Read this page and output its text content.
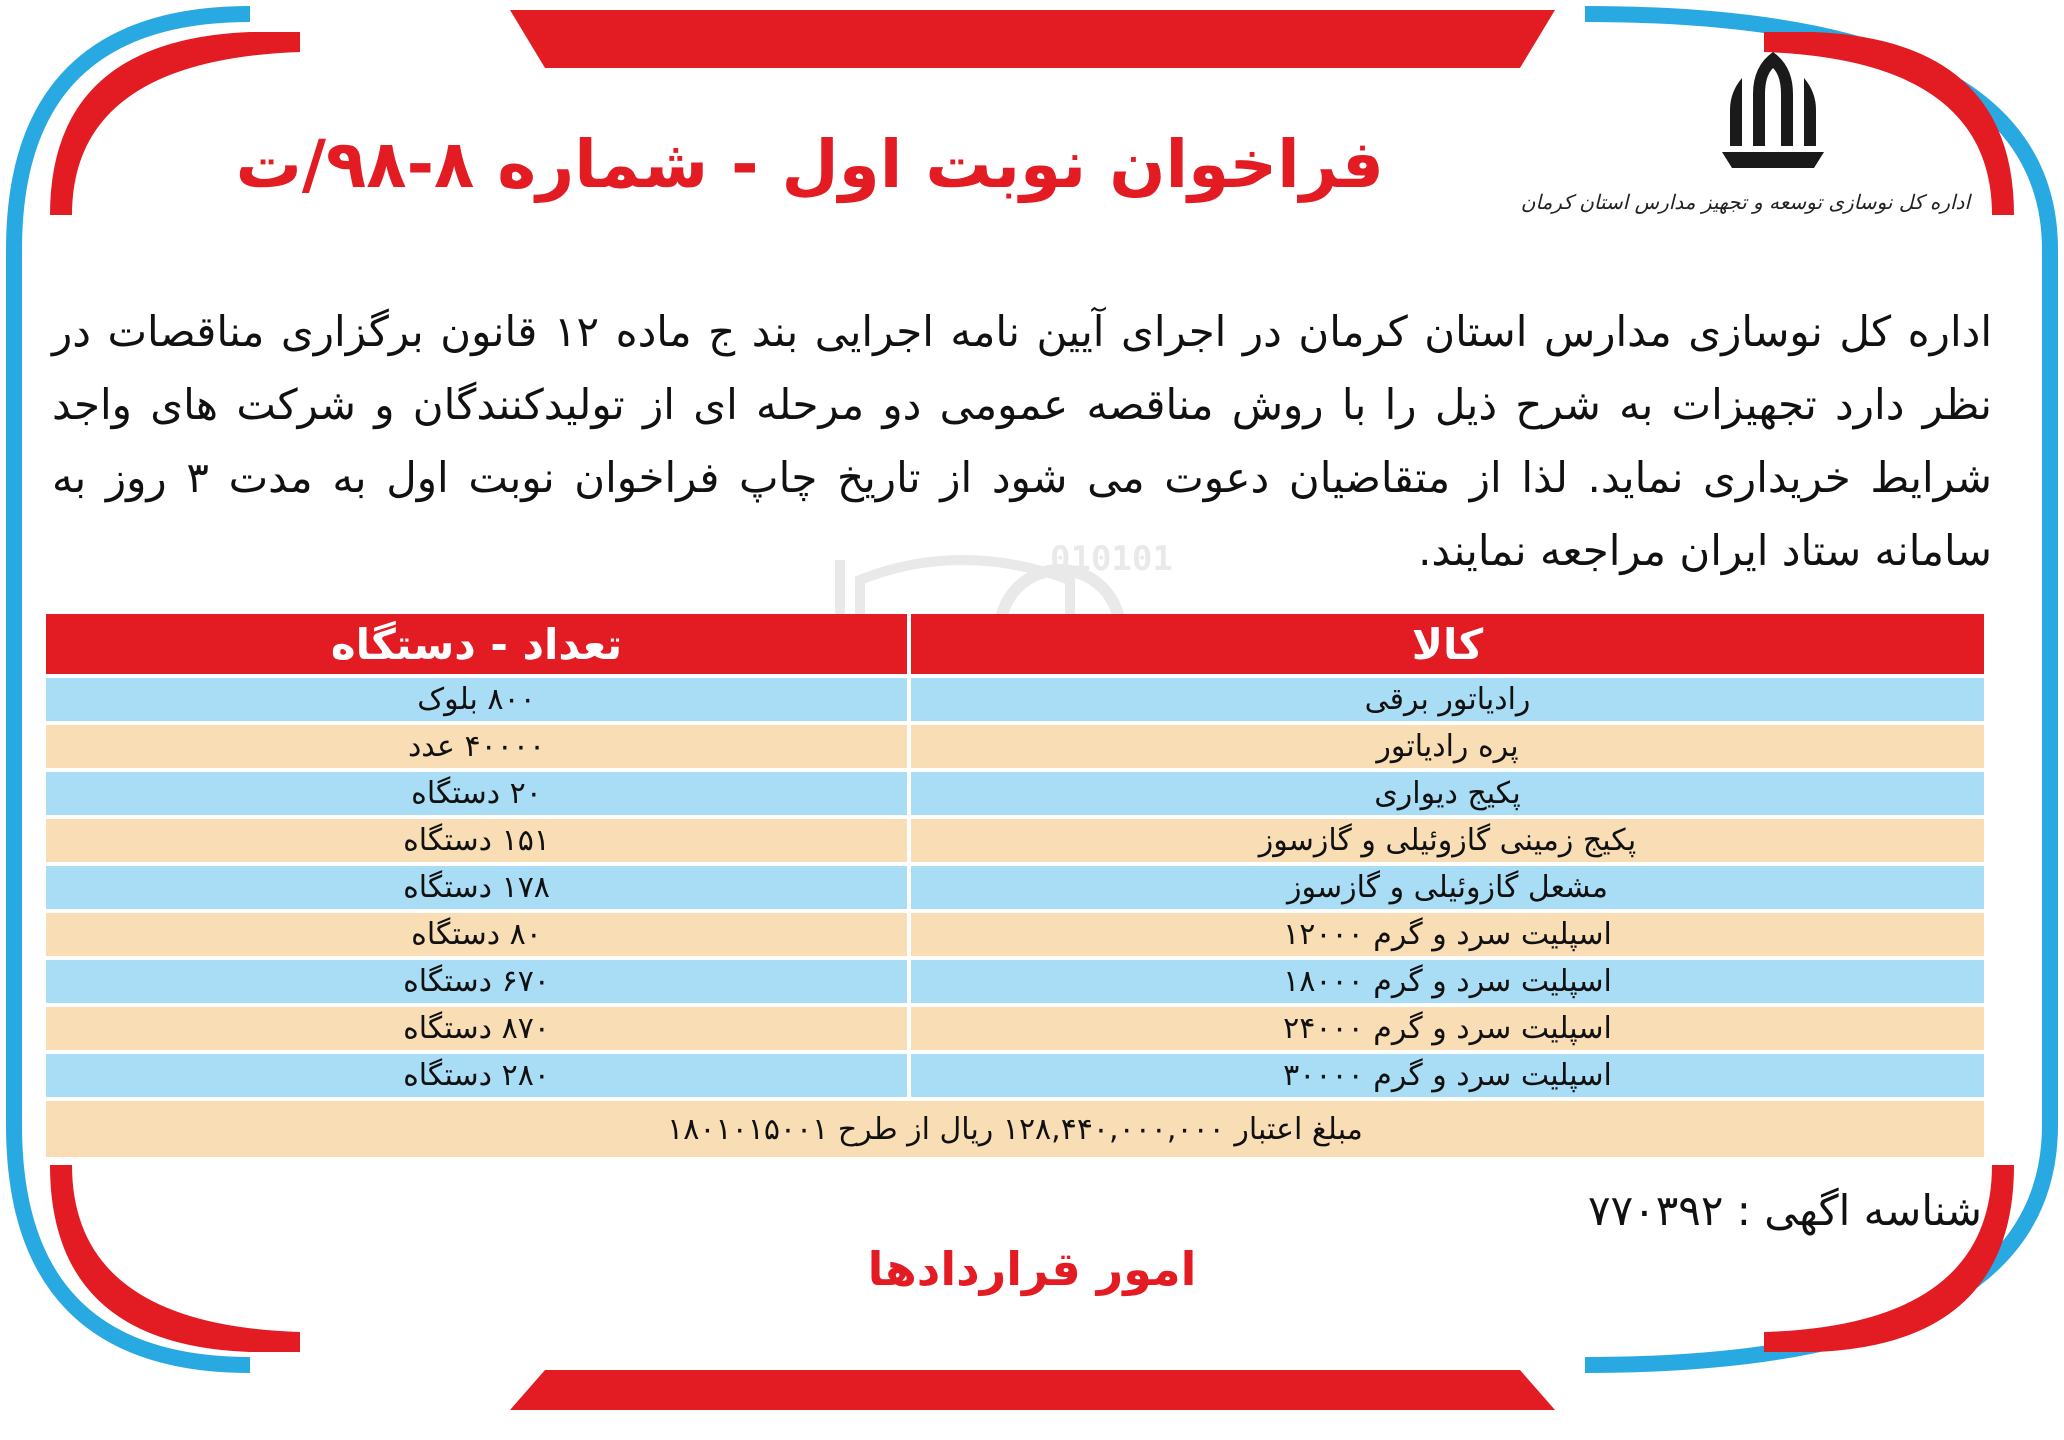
010101
اداره کل نوسازی توسعه و تجهیز مدارس استان کرمان
فراخوان نوبت اول - شماره ۸-۹۸/ت
اداره کل نوسازی مدارس استان کرمان در اجرای آیین نامه اجرایی بند ج ماده ۱۲ قانون برگزاری مناقصات در نظر دارد تجهیزات به شرح ذیل را با روش مناقصه عمومی دو مرحله ای از تولیدکنندگان و شرکت های واجد شرایط خریداری نماید. لذا از متقاضیان دعوت می شود از تاریخ چاپ فراخوان نوبت اول به مدت ۳ روز به سامانه ستاد ایران مراجعه نمایند.
کالا	تعداد - دستگاه
رادیاتور برقی	۸۰۰ بلوک
پره رادیاتور	۴۰۰۰۰ عدد
پکیج دیواری	۲۰ دستگاه
پکیج زمینی گازوئیلی و گازسوز	۱۵۱ دستگاه
مشعل گازوئیلی و گازسوز	۱۷۸ دستگاه
اسپلیت سرد و گرم ۱۲۰۰۰	۸۰ دستگاه
اسپلیت سرد و گرم ۱۸۰۰۰	۶۷۰ دستگاه
اسپلیت سرد و گرم ۲۴۰۰۰	۸۷۰ دستگاه
اسپلیت سرد و گرم ۳۰۰۰۰	۲۸۰ دستگاه
مبلغ اعتبار ۱۲۸,۴۴۰,۰۰۰,۰۰۰ ریال از طرح ۱۸۰۱۰۱۵۰۰۱	
شناسه اگهی : ۷۷۰۳۹۲
امور قراردادها
